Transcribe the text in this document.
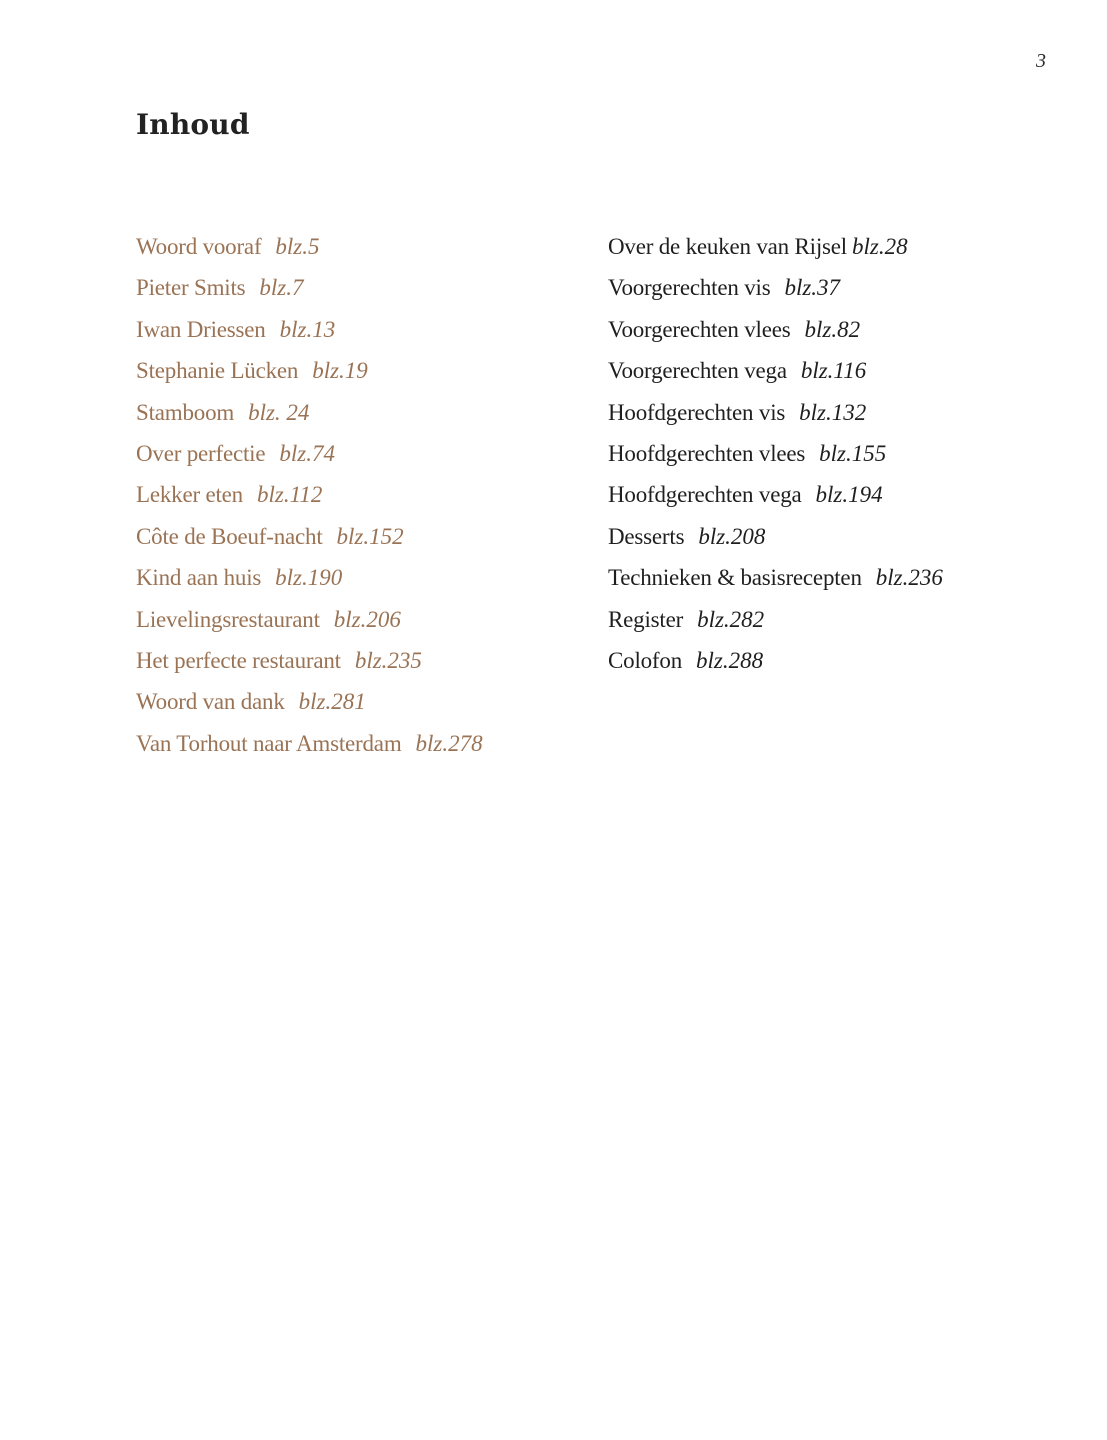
3
Inhoud
Woord vooraf blz.5
Pieter Smits blz.7
Iwan Driessen blz.13
Stephanie Lücken blz.19
Stamboom blz. 24
Over perfectie blz.74
Lekker eten blz.112
Côte de Boeuf-nacht blz.152
Kind aan huis blz.190
Lievelingsrestaurant blz.206
Het perfecte restaurant blz.235
Woord van dank blz.281
Van Torhout naar Amsterdam blz.278
Over de keuken van Rijsel blz.28
Voorgerechten vis blz.37
Voorgerechten vlees blz.82
Voorgerechten vega blz.116
Hoofdgerechten vis blz.132
Hoofdgerechten vlees blz.155
Hoofdgerechten vega blz.194
Desserts blz.208
Technieken & basisrecepten blz.236
Register blz.282
Colofon blz.288
